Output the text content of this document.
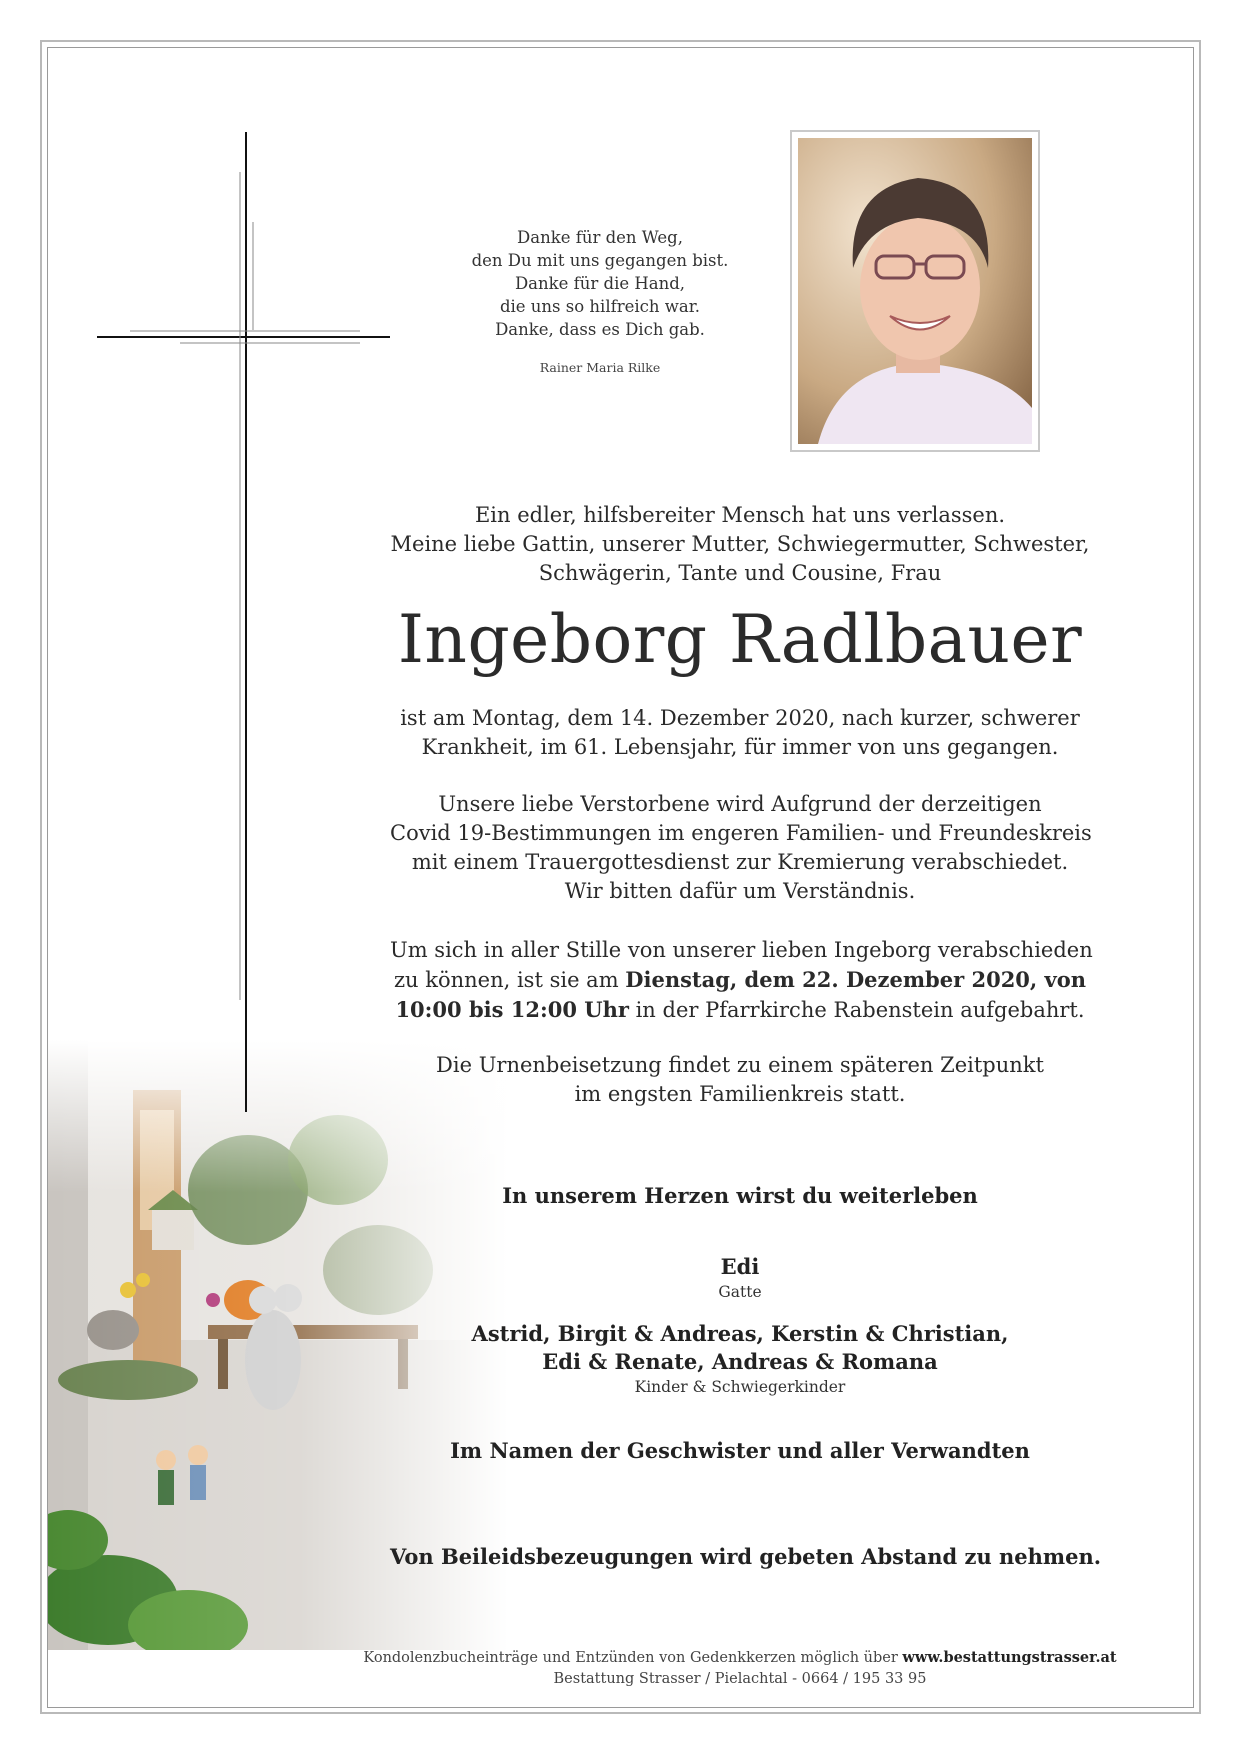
Danke für den Weg,
den Du mit uns gegangen bist.
Danke für die Hand,
die uns so hilfreich war.
Danke, dass es Dich gab.
Rainer Maria Rilke
Ein edler, hilfsbereiter Mensch hat uns verlassen.
Meine liebe Gattin, unserer Mutter, Schwiegermutter, Schwester,
Schwägerin, Tante und Cousine, Frau
Ingeborg Radlbauer
ist am Montag, dem 14. Dezember 2020, nach kurzer, schwerer
Krankheit, im 61. Lebensjahr, für immer von uns gegangen.
Unsere liebe Verstorbene wird Aufgrund der derzeitigen
Covid 19-Bestimmungen im engeren Familien- und Freundeskreis
mit einem Trauergottesdienst zur Kremierung verabschiedet.
Wir bitten dafür um Verständnis.
Um sich in aller Stille von unserer lieben Ingeborg verabschieden
zu können, ist sie am Dienstag, dem 22. Dezember 2020, von
10:00 bis 12:00 Uhr in der Pfarrkirche Rabenstein aufgebahrt.
Die Urnenbeisetzung findet zu einem späteren Zeitpunkt
im engsten Familienkreis statt.
In unserem Herzen wirst du weiterleben
Edi
Gatte
Astrid, Birgit & Andreas, Kerstin & Christian,
Edi & Renate, Andreas & Romana
Kinder & Schwiegerkinder
Im Namen der Geschwister und aller Verwandten
Von Beileidsbezeugungen wird gebeten Abstand zu nehmen.
Kondolenzbucheinträge und Entzünden von Gedenkkerzen möglich über www.bestattungstrasser.at
Bestattung Strasser / Pielachtal - 0664 / 195 33 95
